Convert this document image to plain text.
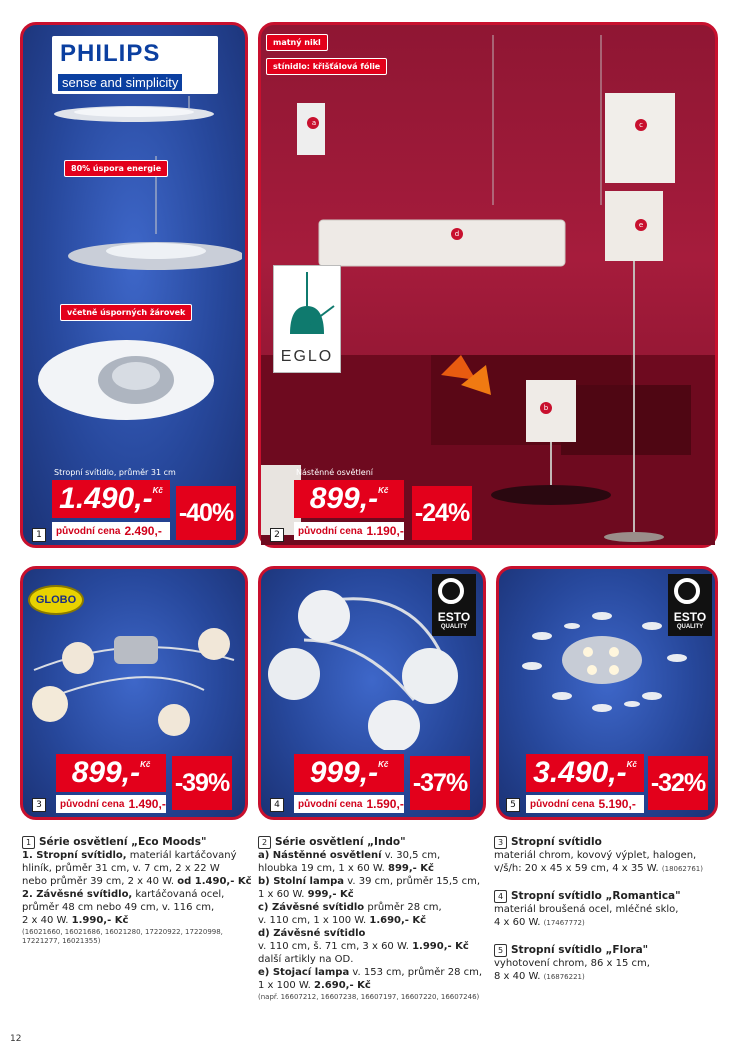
PHILIPS
sense and simplicity
80% úspora energie
včetně úsporných žárovek
Stropní svítidlo, průměr 31 cm
1.490,- Kč
původní cena 2.490,-
-40%
1
a
b
c
d
e
matný nikl
stínidlo: křišťálová fólie
EGLO
Nástěnné osvětlení
899,- Kč
původní cena 1.190,-
-24%
2
GLOBO
899,- Kč
původní cena 1.490,-
-39%
3
ESTO
QUALITY
999,- Kč
původní cena 1.590,-
-37%
4
ESTO
QUALITY
3.490,- Kč
původní cena 5.190,-
-32%
5
1 Série osvětlení „Eco Moods"
1. Stropní svítidlo, materiál kartáčovaný
hliník, průměr 31 cm, v. 7 cm, 2 x 22 W
nebo průměr 39 cm, 2 x 40 W. od 1.490,- Kč
2. Závěsné svítidlo, kartáčovaná ocel,
průměr 48 cm nebo 49 cm, v. 116 cm,
2 x 40 W. 1.990,- Kč
(16021660, 16021686, 16021280, 17220922, 17220998, 17221277, 16021355)
2 Série osvětlení „Indo"
a) Nástěnné osvětlení v. 30,5 cm,
hloubka 19 cm, 1 x 60 W. 899,- Kč
b) Stolní lampa v. 39 cm, průměr 15,5 cm,
1 x 60 W. 999,- Kč
c) Závěsné svítidlo průměr 28 cm,
v. 110 cm, 1 x 100 W. 1.690,- Kč
d) Závěsné svítidlo
v. 110 cm, š. 71 cm, 3 x 60 W. 1.990,- Kč
další artikly na OD.
e) Stojací lampa v. 153 cm, průměr 28 cm,
1 x 100 W. 2.690,- Kč
(např. 16607212, 16607238, 16607197, 16607220, 16607246)
3 Stropní svítidlo
materiál chrom, kovový výplet, halogen,
v/š/h: 20 x 45 x 59 cm, 4 x 35 W. (18062761)
4 Stropní svítidlo „Romantica"
materiál broušená ocel, mléčné sklo,
4 x 60 W. (17467772)
5 Stropní svítidlo „Flora"
vyhotovení chrom, 86 x 15 cm,
8 x 40 W. (16876221)
12
